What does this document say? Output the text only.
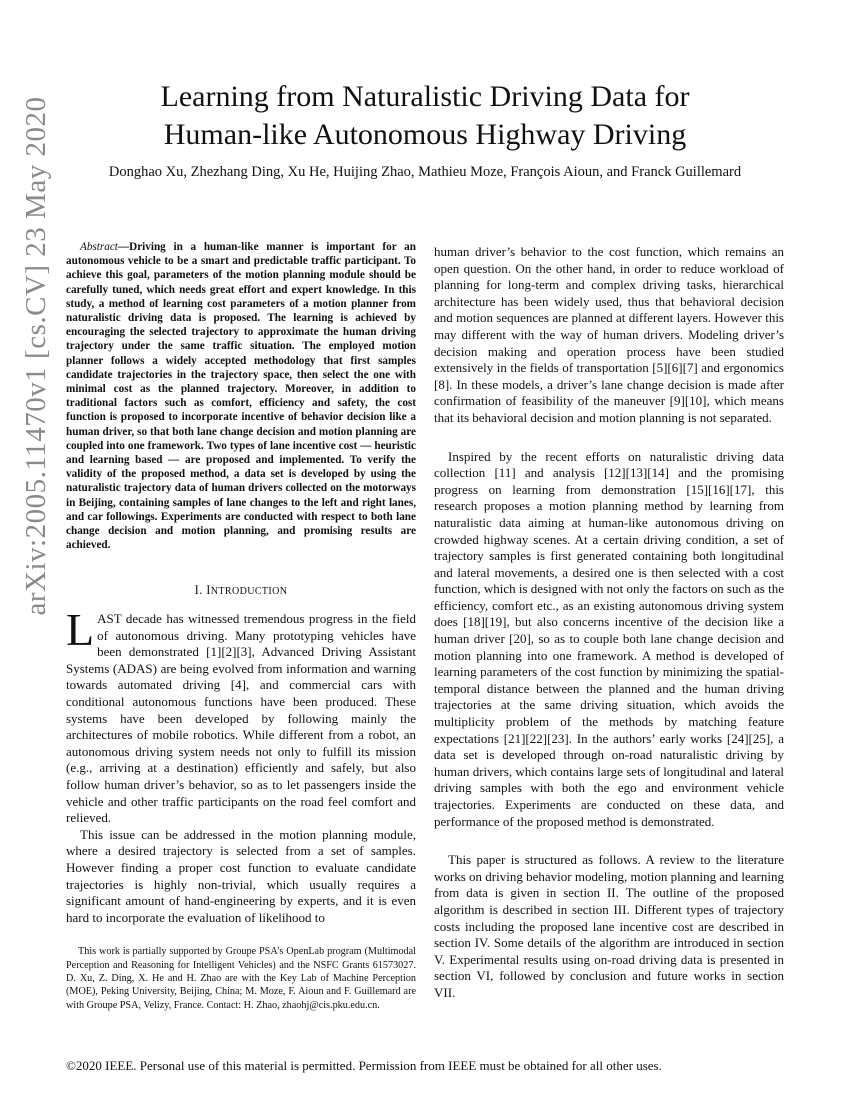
Learning from Naturalistic Driving Data for
Human-like Autonomous Highway Driving
Donghao Xu, Zhezhang Ding, Xu He, Huijing Zhao, Mathieu Moze, François Aioun, and Franck Guillemard
arXiv:2005.11470v1 [cs.CV] 23 May 2020	Abstract—Driving in a human-like manner is important for an autonomous vehicle to be a smart and predictable traffic participant. To achieve this goal, parameters of the motion planning module should be carefully tuned, which needs great effort and expert knowledge. In this study, a method of learning cost parameters of a motion planner from naturalistic driving data is proposed. The learning is achieved by encouraging the selected trajectory to approximate the human driving trajectory under the same traffic situation. The employed motion planner follows a widely accepted methodology that first samples candidate trajectories in the trajectory space, then select the one with minimal cost as the planned trajectory. Moreover, in addition to traditional factors such as comfort, efficiency and safety, the cost function is proposed to incorporate incentive of behavior decision like a human driver, so that both lane change decision and motion planning are coupled into one framework. Two types of lane incentive cost — heuristic and learning based — are proposed and implemented. To verify the validity of the proposed method, a data set is developed by using the naturalistic trajectory data of human drivers collected on the motorways in Beijing, containing samples of lane changes to the left and right lanes, and car followings. Experiments are conducted with respect to both lane change decision and motion planning, and promising results are achieved.

I. INTRODUCTION

LAST decade has witnessed tremendous progress in the field of autonomous driving. Many prototyping vehicles have been demonstrated [1][2][3], Advanced Driving Assistant Systems (ADAS) are being evolved from information and warning towards automated driving [4], and commercial cars with conditional autonomous functions have been produced. These systems have been developed by following mainly the architectures of mobile robotics. While different from a robot, an autonomous driving system needs not only to fulfill its mission (e.g., arriving at a destination) efficiently and safely, but also follow human driver’s behavior, so as to let passengers inside the vehicle and other traffic participants on the road feel comfort and relieved.

This issue can be addressed in the motion planning module, where a desired trajectory is selected from a set of samples. However finding a proper cost function to evaluate candidate trajectories is highly non-trivial, which usually requires a significant amount of hand-engineering by experts, and it is even hard to incorporate the evaluation of likelihood to

This work is partially supported by Groupe PSA’s OpenLab program (Multimodal Perception and Reasoning for Intelligent Vehicles) and the NSFC Grants 61573027. D. Xu, Z. Ding, X. He and H. Zhao are with the Key Lab of Machine Perception (MOE), Peking University, Beijing, China; M. Moze, F. Aioun and F. Guillemard are with Groupe PSA, Velizy, France. Contact: H. Zhao, zhaohj@cis.pku.edu.cn.

human driver’s behavior to the cost function, which remains an open question. On the other hand, in order to reduce workload of planning for long-term and complex driving tasks, hierarchical architecture has been widely used, thus that behavioral decision and motion sequences are planned at different layers. However this may different with the way of human drivers. Modeling driver’s decision making and operation process have been studied extensively in the fields of transportation [5][6][7] and ergonomics [8]. In these models, a driver’s lane change decision is made after confirmation of feasibility of the maneuver [9][10], which means that its behavioral decision and motion planning is not separated.

Inspired by the recent efforts on naturalistic driving data collection [11] and analysis [12][13][14] and the promising progress on learning from demonstration [15][16][17], this research proposes a motion planning method by learning from naturalistic data aiming at human-like autonomous driving on crowded highway scenes. At a certain driving condition, a set of trajectory samples is first generated containing both longitudinal and lateral movements, a desired one is then selected with a cost function, which is designed with not only the factors on such as the efficiency, comfort etc., as an existing autonomous driving system does [18][19], but also concerns incentive of the decision like a human driver [20], so as to couple both lane change decision and motion planning into one framework. A method is developed of learning parameters of the cost function by minimizing the spatial-temporal distance between the planned and the human driving trajectories at the same driving situation, which avoids the multiplicity problem of the methods by matching feature expectations [21][22][23]. In the authors’ early works [24][25], a data set is developed through on-road naturalistic driving by human drivers, which contains large sets of longitudinal and lateral driving samples with both the ego and environment vehicle trajectories. Experiments are conducted on these data, and performance of the proposed method is demonstrated.

This paper is structured as follows. A review to the literature works on driving behavior modeling, motion planning and learning from data is given in section II. The outline of the proposed algorithm is described in section III. Different types of trajectory costs including the proposed lane incentive cost are described in section IV. Some details of the algorithm are introduced in section V. Experimental results using on-road driving data is presented in section VI, followed by conclusion and future works in section VII.

©2020 IEEE. Personal use of this material is permitted. Permission from IEEE must be obtained for all other uses.
